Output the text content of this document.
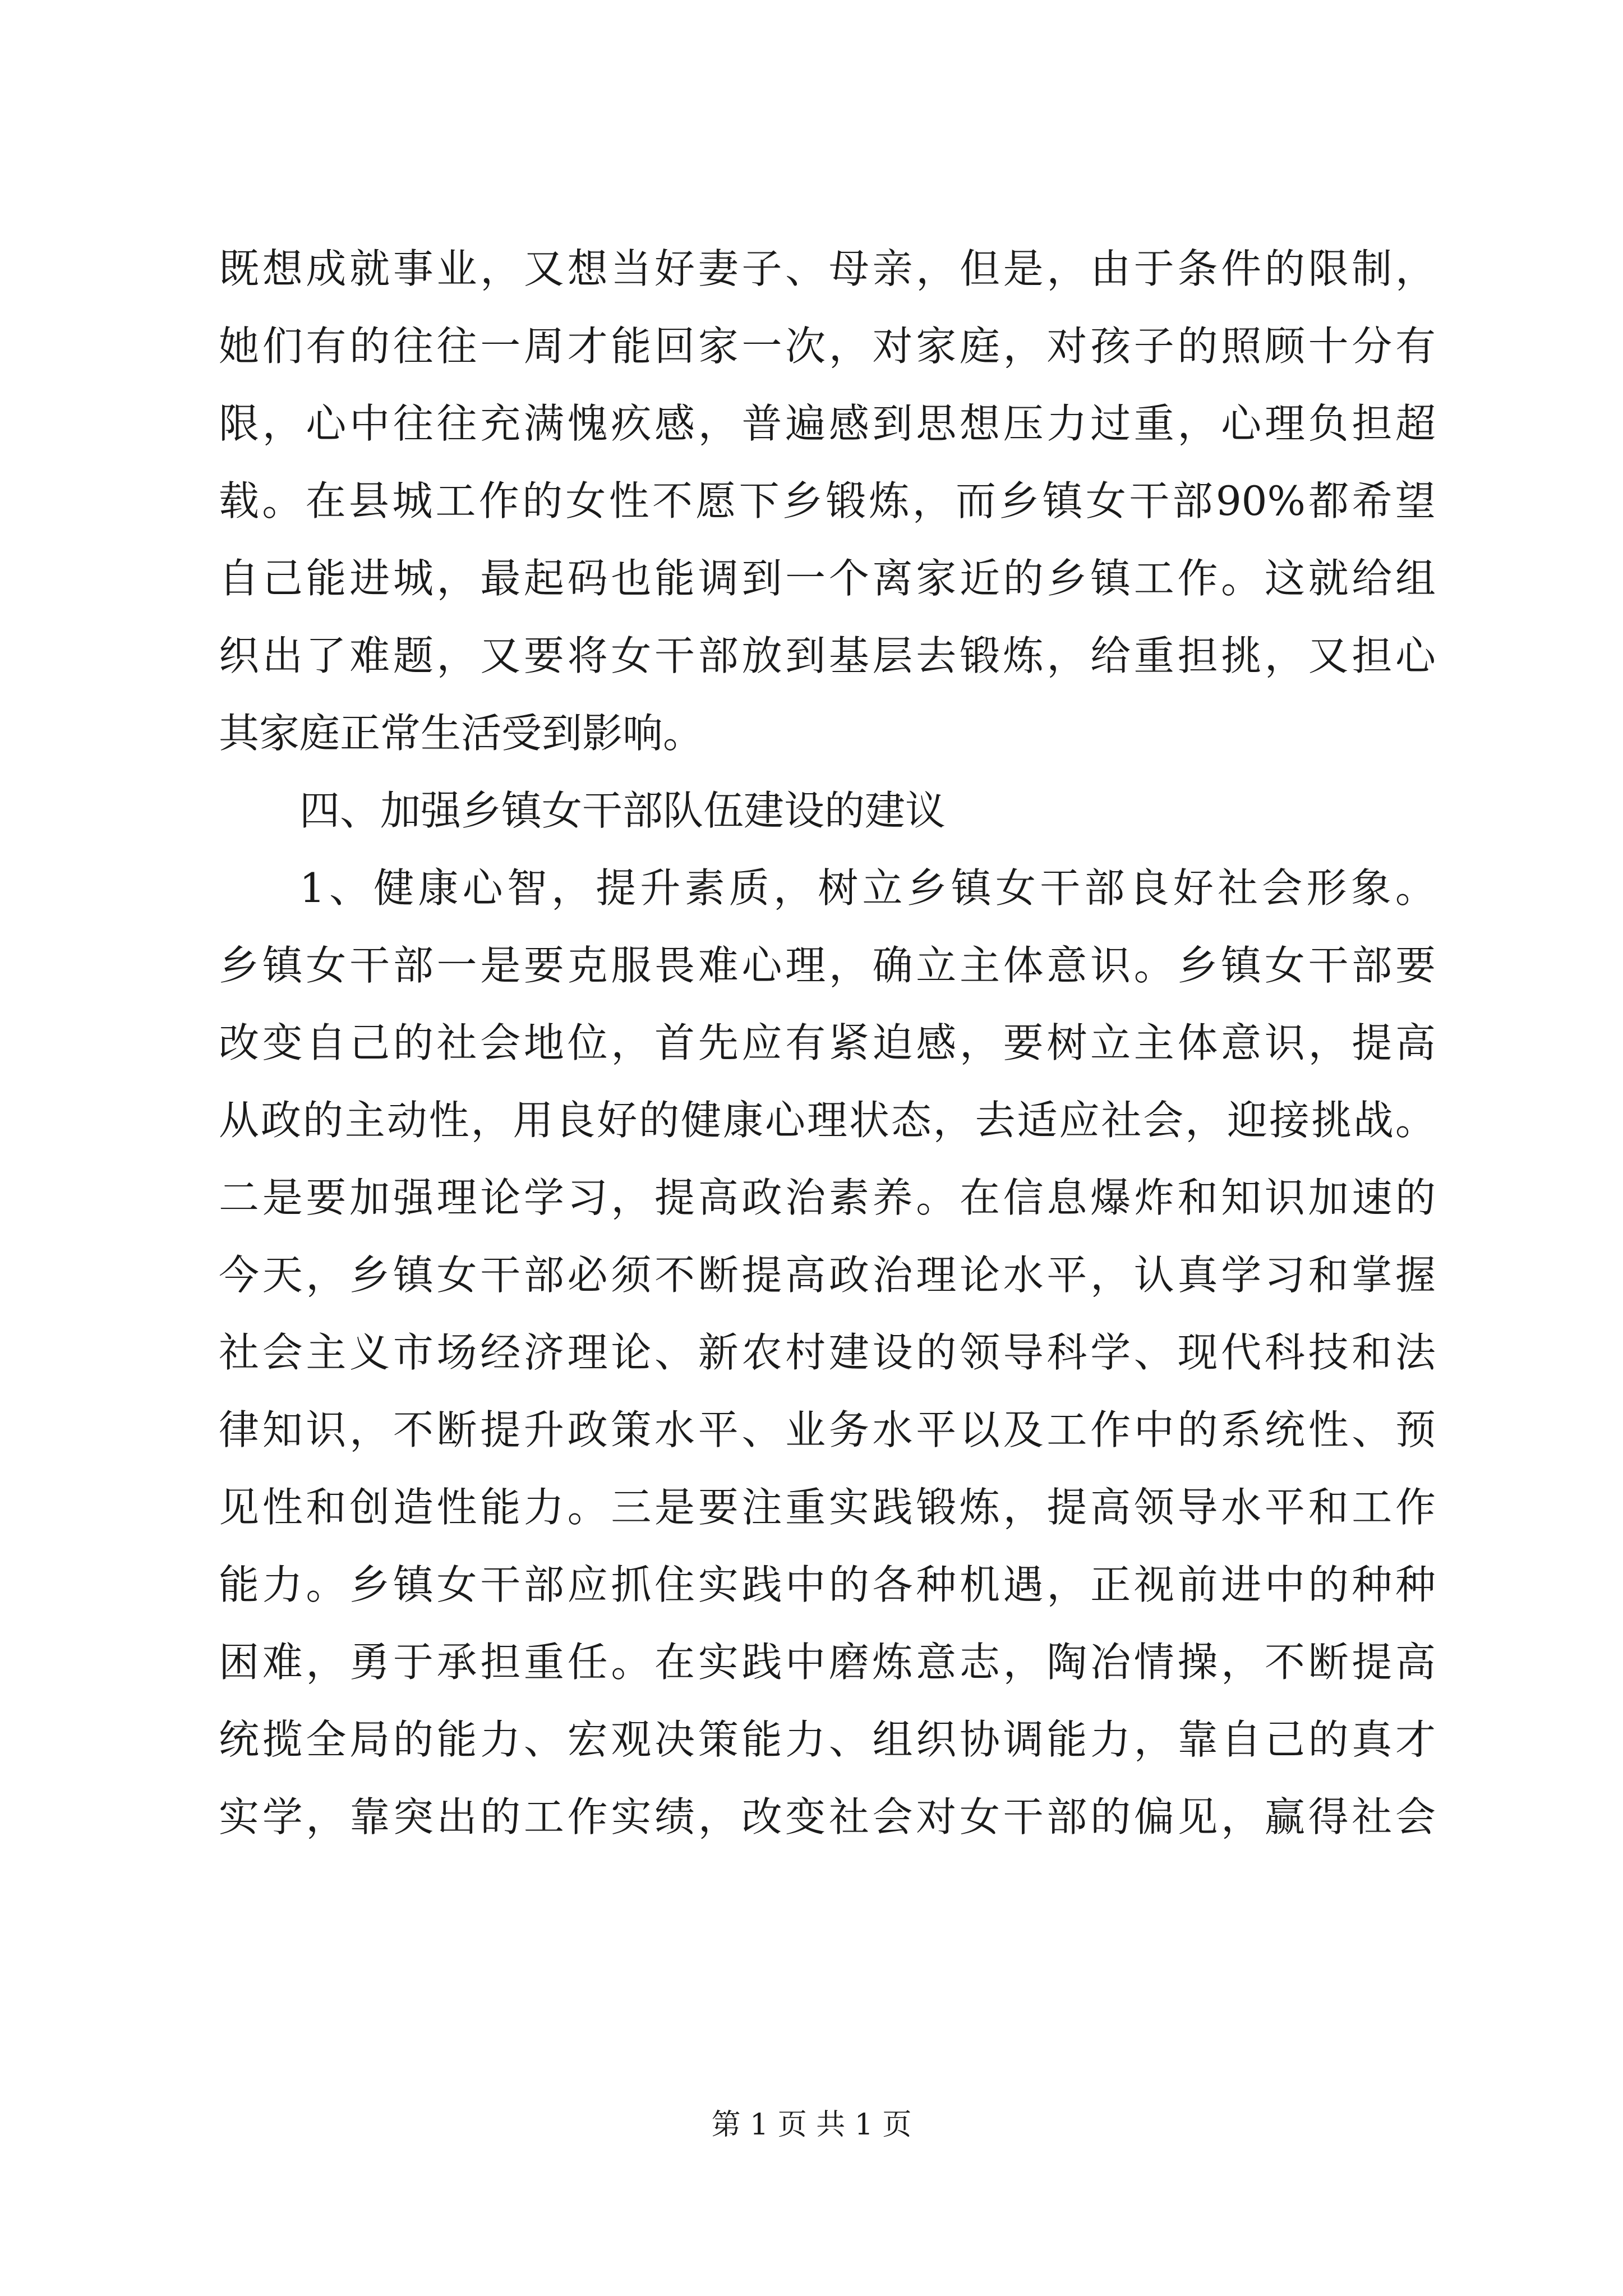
既 想 成 就 事 业 ， 又 想 当 好 妻 子 、 母 亲 ， 但 是 ， 由 于 条 件 的 限 制 ，
她 们 有 的 往 往 一 周 才 能 回 家 一 次 ， 对 家 庭 ， 对 孩 子 的 照 顾 十 分 有
限 ， 心 中 往 往 充 满 愧 疚 感 ， 普 遍 感 到 思 想 压 力 过 重 ， 心 理 负 担 超
载 。 在 县 城 工 作 的 女 性 不 愿 下 乡 锻 炼 ， 而 乡 镇 女 干 部 90% 都 希 望
自 己 能 进 城 ， 最 起 码 也 能 调 到 一 个 离 家 近 的 乡 镇 工 作 。 这 就 给 组
织 出 了 难 题 ， 又 要 将 女 干 部 放 到 基 层 去 锻 炼 ， 给 重 担 挑 ， 又 担 心
其家庭正常生活受到影响。
四、加强乡镇女干部队伍建设的建议
1 、 健 康 心 智 ， 提 升 素 质 ， 树 立 乡 镇 女 干 部 良 好 社 会 形 象 。
乡 镇 女 干 部 一 是 要 克 服 畏 难 心 理 ， 确 立 主 体 意 识 。 乡 镇 女 干 部 要
改 变 自 己 的 社 会 地 位 ， 首 先 应 有 紧 迫 感 ， 要 树 立 主 体 意 识 ， 提 高
从 政 的 主 动 性 ， 用 良 好 的 健 康 心 理 状 态 ， 去 适 应 社 会 ， 迎 接 挑 战 。
二 是 要 加 强 理 论 学 习 ， 提 高 政 治 素 养 。 在 信 息 爆 炸 和 知 识 加 速 的
今 天 ， 乡 镇 女 干 部 必 须 不 断 提 高 政 治 理 论 水 平 ， 认 真 学 习 和 掌 握
社 会 主 义 市 场 经 济 理 论 、 新 农 村 建 设 的 领 导 科 学 、 现 代 科 技 和 法
律 知 识 ， 不 断 提 升 政 策 水 平 、 业 务 水 平 以 及 工 作 中 的 系 统 性 、 预
见 性 和 创 造 性 能 力 。 三 是 要 注 重 实 践 锻 炼 ， 提 高 领 导 水 平 和 工 作
能 力 。 乡 镇 女 干 部 应 抓 住 实 践 中 的 各 种 机 遇 ， 正 视 前 进 中 的 种 种
困 难 ， 勇 于 承 担 重 任 。 在 实 践 中 磨 炼 意 志 ， 陶 冶 情 操 ， 不 断 提 高
统 揽 全 局 的 能 力 、 宏 观 决 策 能 力 、 组 织 协 调 能 力 ， 靠 自 己 的 真 才
实 学 ， 靠 突 出 的 工 作 实 绩 ， 改 变 社 会 对 女 干 部 的 偏 见 ， 赢 得 社 会
第 1 页 共 1 页
